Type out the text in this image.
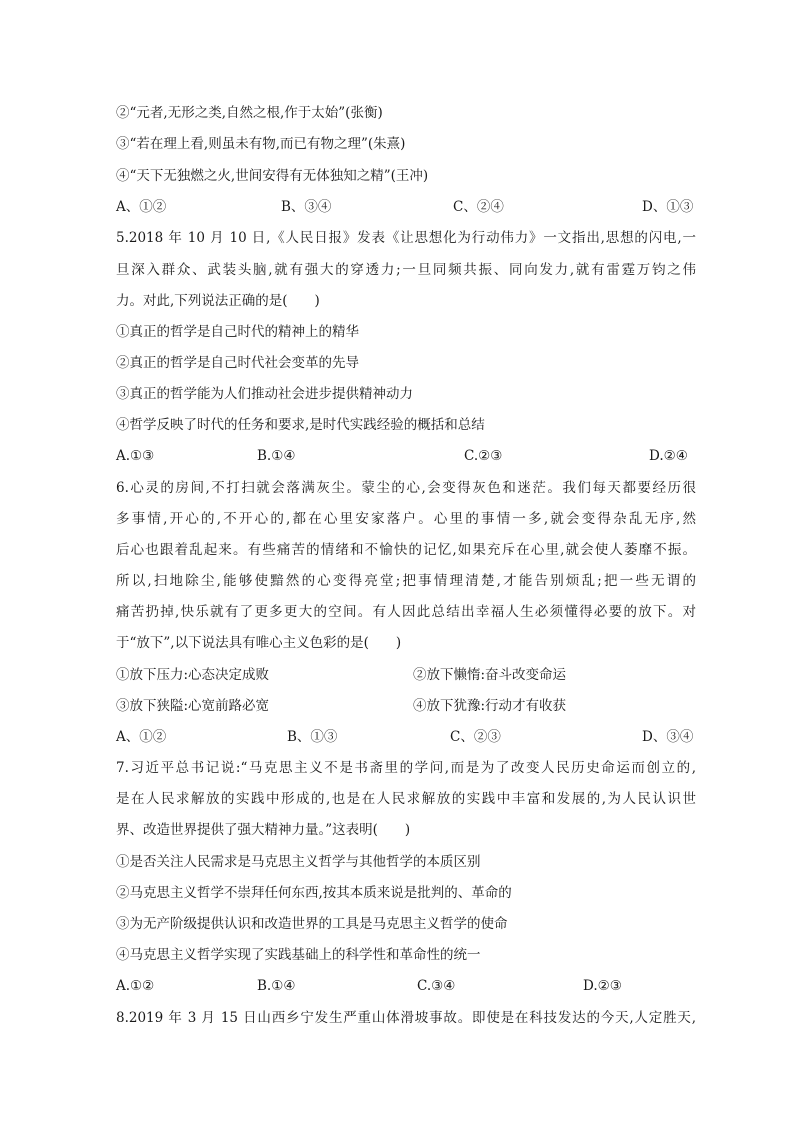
②“元者,无形之类,自然之根,作于太始”(张衡)
③“若在理上看,则虽未有物,而已有物之理”(朱熹)
④“天下无独燃之火,世间安得有无体独知之精”(王冲)
A、①②	B、③④	C、②④	D、①③
5.2018 年 10 月 10 日,《人民日报》发表《让思想化为行动伟力》一文指出,思想的闪电,一
旦深入群众、武装头脑,就有强大的穿透力;一旦同频共振、同向发力,就有雷霆万钧之伟
力。对此,下列说法正确的是(　　)
①真正的哲学是自己时代的精神上的精华
②真正的哲学是自己时代社会变革的先导
③真正的哲学能为人们推动社会进步提供精神动力
④哲学反映了时代的任务和要求,是时代实践经验的概括和总结
A.①③	B.①④	C.②③	D.②④
6.心灵的房间,不打扫就会落满灰尘。蒙尘的心,会变得灰色和迷茫。我们每天都要经历很
多事情,开心的,不开心的,都在心里安家落户。心里的事情一多,就会变得杂乱无序,然
后心也跟着乱起来。有些痛苦的情绪和不愉快的记忆,如果充斥在心里,就会使人萎靡不振。
所以,扫地除尘,能够使黯然的心变得亮堂;把事情理清楚,才能告别烦乱;把一些无谓的
痛苦扔掉,快乐就有了更多更大的空间。有人因此总结出幸福人生必须懂得必要的放下。对
于“放下”,以下说法具有唯心主义色彩的是(　　)
①放下压力:心态决定成败	②放下懒惰:奋斗改变命运
③放下狭隘:心宽前路必宽	④放下犹豫:行动才有收获
A、①②	B、①③	C、②③	D、③④
7.习近平总书记说:“马克思主义不是书斋里的学问,而是为了改变人民历史命运而创立的,
是在人民求解放的实践中形成的,也是在人民求解放的实践中丰富和发展的,为人民认识世
界、改造世界提供了强大精神力量。”这表明(　　)
①是否关注人民需求是马克思主义哲学与其他哲学的本质区别
②马克思主义哲学不崇拜任何东西,按其本质来说是批判的、革命的
③为无产阶级提供认识和改造世界的工具是马克思主义哲学的使命
④马克思主义哲学实现了实践基础上的科学性和革命性的统一
A.①②	B.①④	C.③④	D.②③
8.2019 年 3 月 15 日山西乡宁发生严重山体滑坡事故。即使是在科技发达的今天,人定胜天,
